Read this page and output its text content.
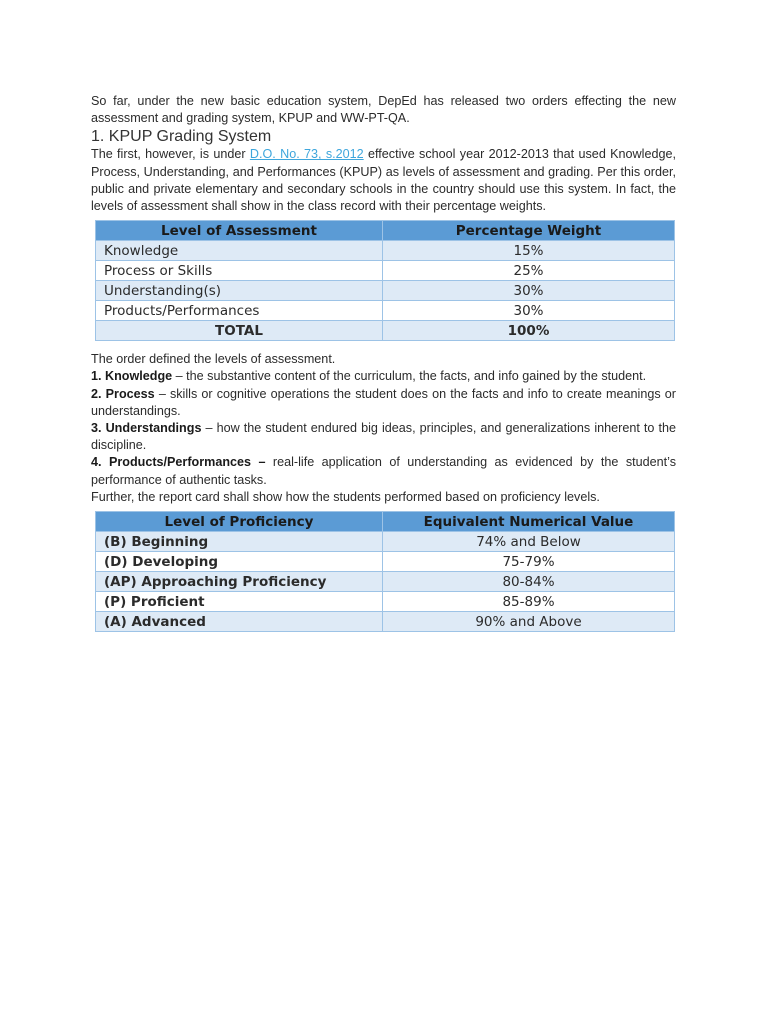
So far, under the new basic education system, DepEd has released two orders effecting the new assessment and grading system, KPUP and WW-PT-QA.

1. KPUP Grading System

The first, however, is under D.O. No. 73, s.2012 effective school year 2012-2013 that used Knowledge, Process, Understanding, and Performances (KPUP) as levels of assessment and grading. Per this order, public and private elementary and secondary schools in the country should use this system. In fact, the levels of assessment shall show in the class record with their percentage weights.

Level of Assessment	Percentage Weight
Knowledge	15%
Process or Skills	25%
Understanding(s)	30%
Products/Performances	30%
TOTAL	100%

The order defined the levels of assessment.

1. Knowledge – the substantive content of the curriculum, the facts, and info gained by the student.

2. Process – skills or cognitive operations the student does on the facts and info to create meanings or understandings.

3. Understandings – how the student endured big ideas, principles, and generalizations inherent to the discipline.

4. Products/Performances – real-life application of understanding as evidenced by the student’s performance of authentic tasks.

Further, the report card shall show how the students performed based on proficiency levels.

Level of Proficiency	Equivalent Numerical Value
(B) Beginning	74% and Below
(D) Developing	75-79%
(AP) Approaching Proficiency	80-84%
(P) Proficient	85-89%
(A) Advanced	90% and Above
